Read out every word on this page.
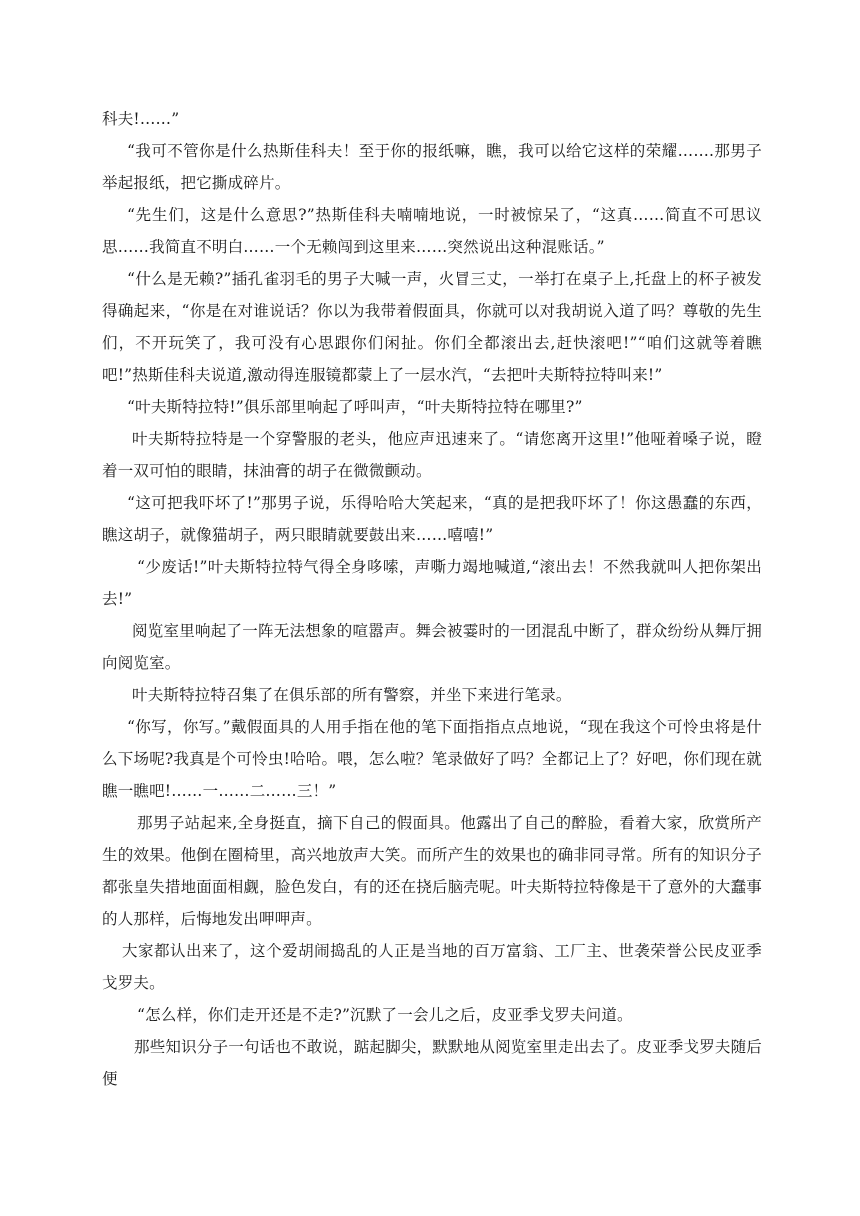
科夫!……”

“我可不管你是什么热斯佳科夫！至于你的报纸嘛，瞧，我可以给它这样的荣耀…….那男子举起报纸，把它撕成碎片。

“先生们，这是什么意思?”热斯佳科夫喃喃地说，一时被惊呆了，“这真……简直不可思议思……我简直不明白……一个无赖闯到这里来……突然说出这种混账话。”

“什么是无赖?”插孔雀羽毛的男子大喊一声，火冒三丈，一举打在桌子上,托盘上的杯子被发得确起来，“你是在对谁说话？你以为我带着假面具，你就可以对我胡说入道了吗？尊敬的先生们，不开玩笑了，我可没有心思跟你们闲扯。你们全都滚出去,赶快滚吧!”“咱们这就等着瞧吧!”热斯佳科夫说道,激动得连服镜都蒙上了一层水汽，“去把叶夫斯特拉特叫来!”

“叶夫斯特拉特!”俱乐部里响起了呼叫声，“叶夫斯特拉特在哪里?”

叶夫斯特拉特是一个穿警服的老头，他应声迅速来了。“请您离开这里!”他哑着嗓子说，瞪着一双可怕的眼睛，抹油膏的胡子在微微颤动。

“这可把我吓坏了!”那男子说，乐得哈哈大笑起来，“真的是把我吓坏了！你这愚蠢的东西，瞧这胡子，就像猫胡子，两只眼睛就要鼓出来……嘻嘻!”

“少废话!”叶夫斯特拉特气得全身哆嗦，声嘶力竭地喊道,“滚出去！不然我就叫人把你架出去!”

阅览室里响起了一阵无法想象的喧嚣声。舞会被霎时的一团混乱中断了，群众纷纷从舞厅拥向阅览室。

叶夫斯特拉特召集了在俱乐部的所有警察，并坐下来进行笔录。

“你写，你写。”戴假面具的人用手指在他的笔下面指指点点地说，“现在我这个可怜虫将是什么下场呢?我真是个可怜虫!哈哈。喂，怎么啦？笔录做好了吗？全都记上了？好吧，你们现在就瞧一瞧吧!……一……二……三！”

那男子站起来,全身挺直，摘下自己的假面具。他露出了自己的醉脸，看着大家，欣赏所产生的效果。他倒在圈椅里，高兴地放声大笑。而所产生的效果也的确非同寻常。所有的知识分子都张皇失措地面面相觑，脸色发白，有的还在挠后脑壳呢。叶夫斯特拉特像是干了意外的大蠢事的人那样，后悔地发出呷呷声。

大家都认出来了，这个爱胡闹捣乱的人正是当地的百万富翁、工厂主、世袭荣誉公民皮亚季戈罗夫。

“怎么样，你们走开还是不走?”沉默了一会儿之后，皮亚季戈罗夫问道。

那些知识分子一句话也不敢说，踮起脚尖，默默地从阅览室里走出去了。皮亚季戈罗夫随后便
